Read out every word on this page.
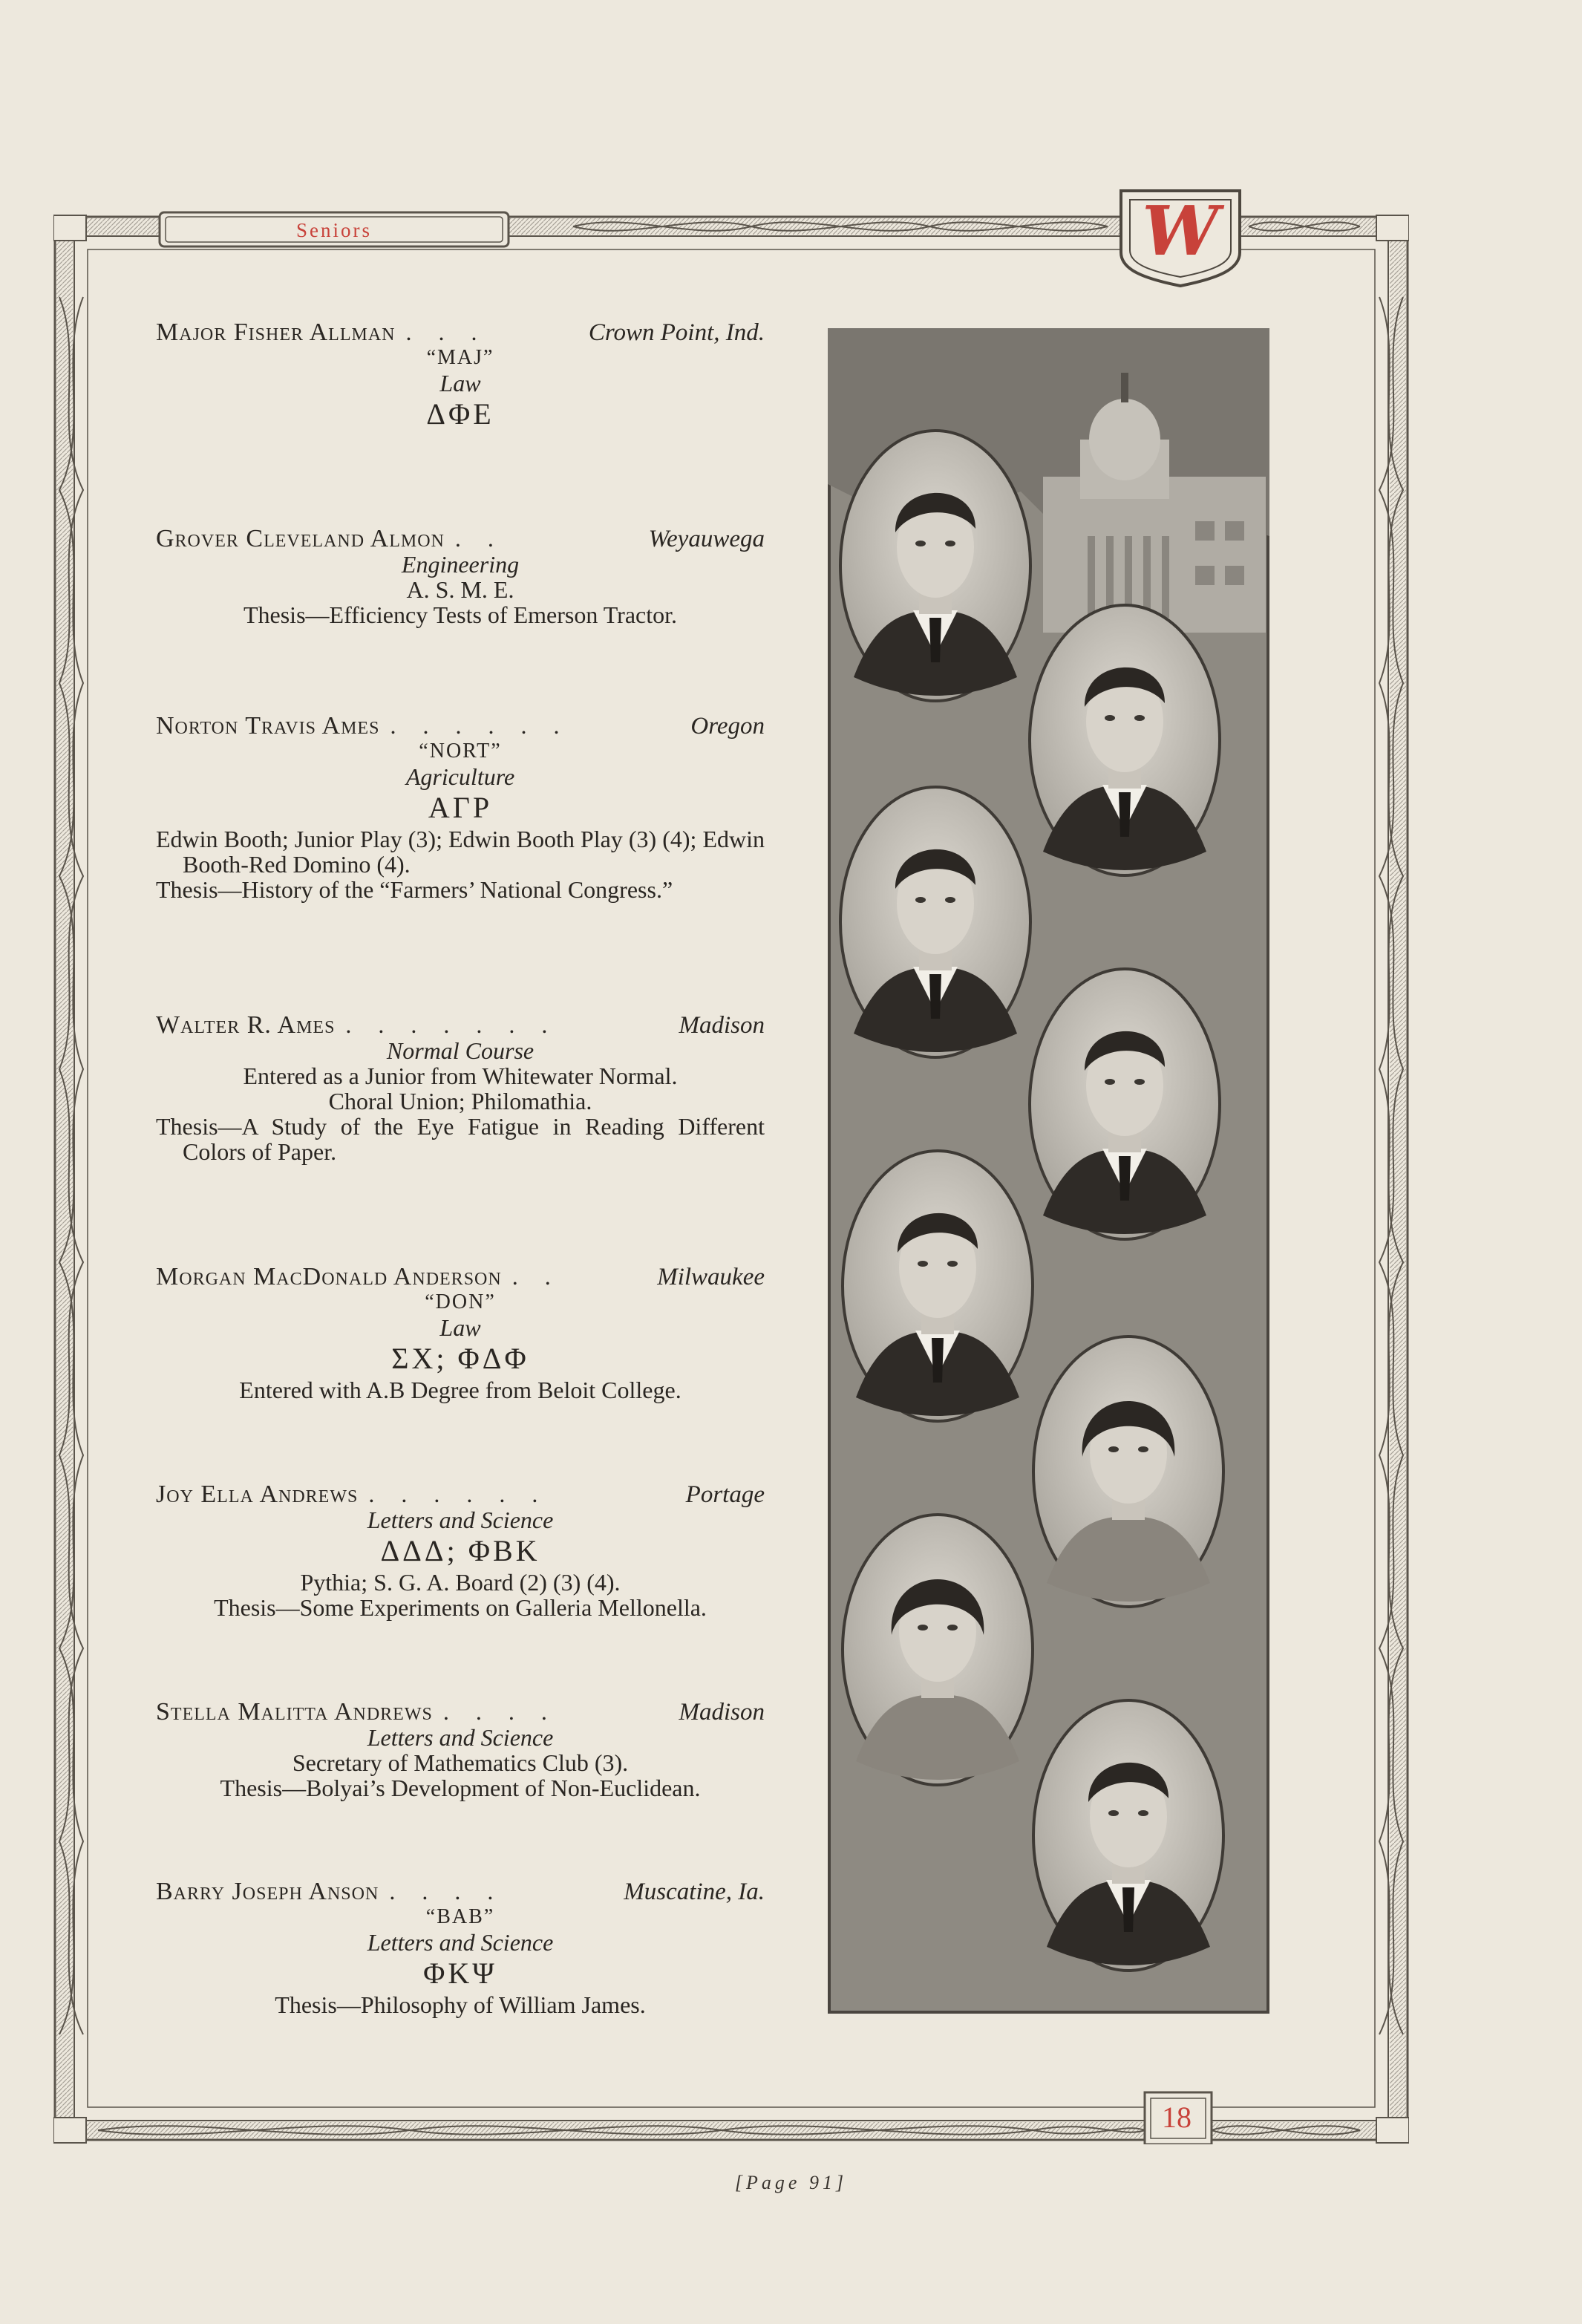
Seniors	W
18
Major Fisher Allman . . .	Crown Point, Ind.
“MAJ”
Law
ΔΦΕ
Grover Cleveland Almon . .	Weyauwega
Engineering
A. S. M. E.
Thesis—Efficiency Tests of Emerson Tractor.
Norton Travis Ames . . . . . .	Oregon
“NORT”
Agriculture
ΑΓΡ
Edwin Booth; Junior Play (3); Edwin Booth Play (3) (4); Edwin Booth-Red Domino (4).
Thesis—History of the “Farmers’ National Congress.”
Walter R. Ames . . . . . . .	Madison
Normal Course
Entered as a Junior from Whitewater Normal.
Choral Union; Philomathia.
Thesis—A Study of the Eye Fatigue in Reading Different Colors of Paper.
Morgan MacDonald Anderson . .	Milwaukee
“DON”
Law
ΣΧ; ΦΔΦ
Entered with A.B Degree from Beloit College.
Joy Ella Andrews . . . . . .	Portage
Letters and Science
ΔΔΔ; ΦΒΚ
Pythia; S. G. A. Board (2) (3) (4).
Thesis—Some Experiments on Galleria Mellonella.
Stella Malitta Andrews . . . .	Madison
Letters and Science
Secretary of Mathematics Club (3).
Thesis—Bolyai’s Development of Non-Euclidean.
Barry Joseph Anson . . . .	Muscatine, Ia.
“BAB”
Letters and Science
ΦΚΨ
Thesis—Philosophy of William James.
[Page 91]
